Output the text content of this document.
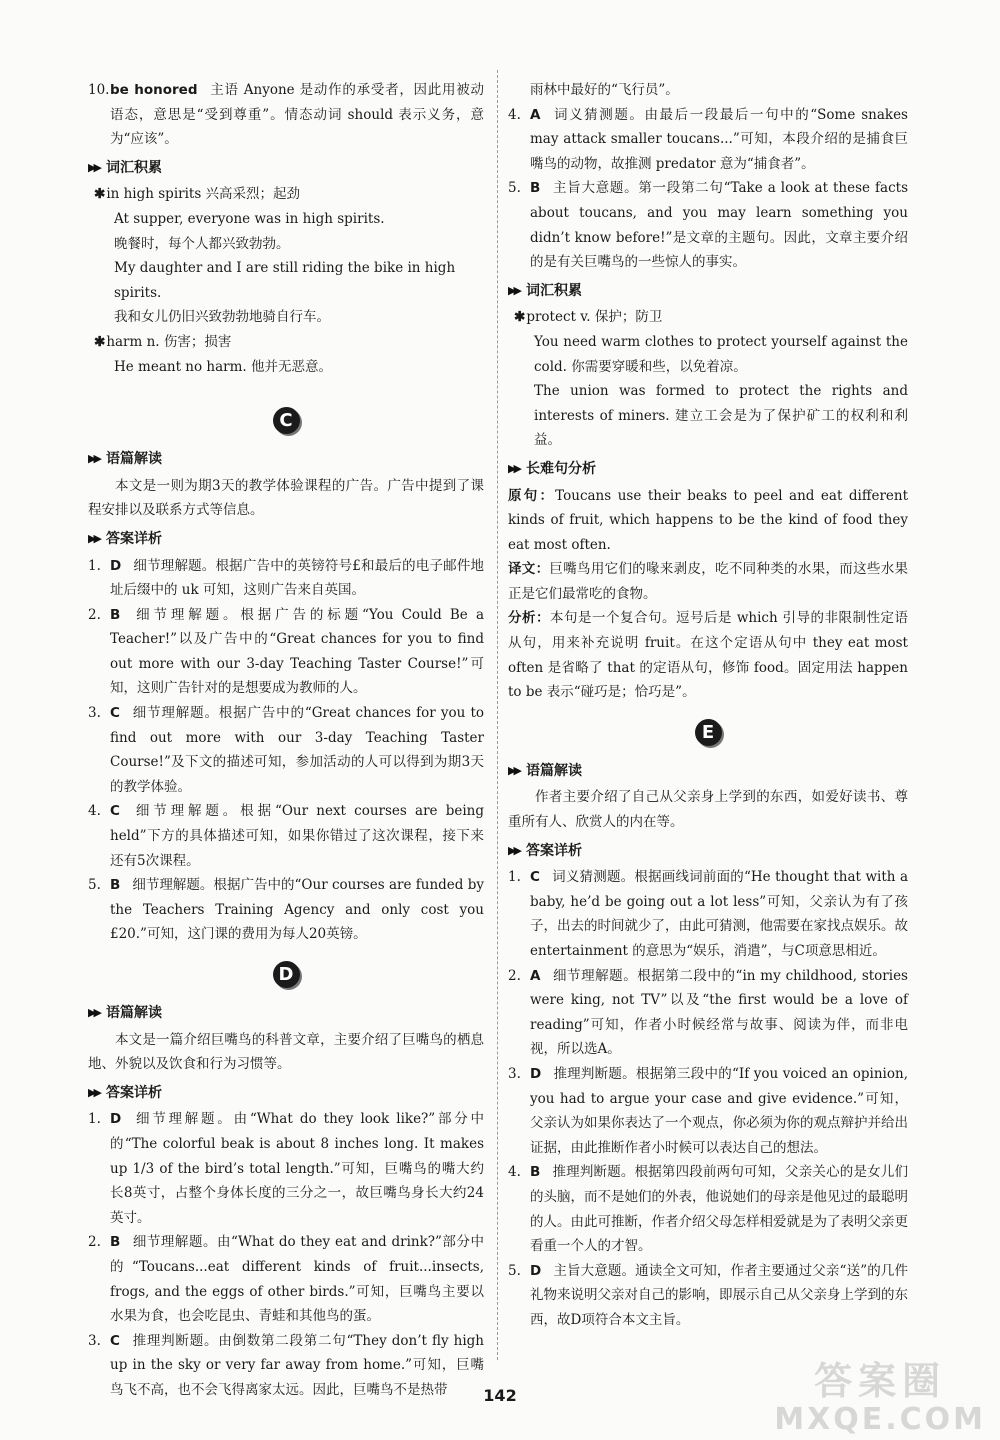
10. be honored 主语 Anyone 是动作的承受者，因此用被动语态，意思是“受到尊重”。情态动词 should 表示义务，意为“应该”。
▶▶ 词汇积累

✱in high spirits 兴高采烈；起劲

At supper, everyone was in high spirits.

晚餐时，每个人都兴致勃勃。

My daughter and I are still riding the bike in high spirits.

我和女儿仍旧兴致勃勃地骑自行车。

✱harm n. 伤害；损害

He meant no harm. 他并无恶意。

C
▶▶ 语篇解读

本文是一则为期3天的教学体验课程的广告。广告中提到了课程安排以及联系方式等信息。

▶▶ 答案详析
1. D 细节理解题。根据广告中的英镑符号£和最后的电子邮件地址后缀中的 uk 可知，这则广告来自英国。
2. B 细节理解题。根据广告的标题“You Could Be a Teacher!”以及广告中的“Great chances for you to find out more with our 3-day Teaching Taster Course!”可知，这则广告针对的是想要成为教师的人。
3. C 细节理解题。根据广告中的“Great chances for you to find out more with our 3-day Teaching Taster Course!”及下文的描述可知，参加活动的人可以得到为期3天的教学体验。
4. C 细节理解题。根据“Our next courses are being held”下方的具体描述可知，如果你错过了这次课程，接下来还有5次课程。
5. B 细节理解题。根据广告中的“Our courses are funded by the Teachers Training Agency and only cost you £20.”可知，这门课的费用为每人20英镑。
D
▶▶ 语篇解读

本文是一篇介绍巨嘴鸟的科普文章，主要介绍了巨嘴鸟的栖息地、外貌以及饮食和行为习惯等。

▶▶ 答案详析
1. D 细节理解题。由“What do they look like?”部分中的“The colorful beak is about 8 inches long. It makes up 1/3 of the bird’s total length.”可知，巨嘴鸟的嘴大约长8英寸，占整个身体长度的三分之一，故巨嘴鸟身长大约24英寸。
2. B 细节理解题。由“What do they eat and drink?”部分中的“Toucans...eat different kinds of fruit...insects, frogs, and the eggs of other birds.”可知，巨嘴鸟主要以水果为食，也会吃昆虫、青蛙和其他鸟的蛋。
3. C 推理判断题。由倒数第二段第二句“They don’t fly high up in the sky or very far away from home.”可知，巨嘴鸟飞不高，也不会飞得离家太远。因此，巨嘴鸟不是热带

雨林中最好的“飞行员”。

4. A 词义猜测题。由最后一段最后一句中的“Some snakes may attack smaller toucans...”可知，本段介绍的是捕食巨嘴鸟的动物，故推测 predator 意为“捕食者”。
5. B 主旨大意题。第一段第二句“Take a look at these facts about toucans, and you may learn something you didn’t know before!”是文章的主题句。因此，文章主要介绍的是有关巨嘴鸟的一些惊人的事实。
▶▶ 词汇积累

✱protect v. 保护；防卫

You need warm clothes to protect yourself against the cold. 你需要穿暖和些，以免着凉。

The union was formed to protect the rights and interests of miners. 建立工会是为了保护矿工的权利和利益。

▶▶ 长难句分析

原句：Toucans use their beaks to peel and eat different kinds of fruit, which happens to be the kind of food they eat most often.

译文：巨嘴鸟用它们的喙来剥皮，吃不同种类的水果，而这些水果正是它们最常吃的食物。

分析：本句是一个复合句。逗号后是 which 引导的非限制性定语从句，用来补充说明 fruit。在这个定语从句中 they eat most often 是省略了 that 的定语从句，修饰 food。固定用法 happen to be 表示“碰巧是；恰巧是”。

E
▶▶ 语篇解读

作者主要介绍了自己从父亲身上学到的东西，如爱好读书、尊重所有人、欣赏人的内在等。

▶▶ 答案详析
1. C 词义猜测题。根据画线词前面的“He thought that with a baby, he’d be going out a lot less”可知，父亲认为有了孩子，出去的时间就少了，由此可猜测，他需要在家找点娱乐。故 entertainment 的意思为“娱乐，消遣”，与C项意思相近。
2. A 细节理解题。根据第二段中的“in my childhood, stories were king, not TV”以及“the first would be a love of reading”可知，作者小时候经常与故事、阅读为伴，而非电视，所以选A。
3. D 推理判断题。根据第三段中的“If you voiced an opinion, you had to argue your case and give evidence.”可知，父亲认为如果你表达了一个观点，你必须为你的观点辩护并给出证据，由此推断作者小时候可以表达自己的想法。
4. B 推理判断题。根据第四段前两句可知，父亲关心的是女儿们的头脑，而不是她们的外表，他说她们的母亲是他见过的最聪明的人。由此可推断，作者介绍父母怎样相爱就是为了表明父亲更看重一个人的才智。
5. D 主旨大意题。通读全文可知，作者主要通过父亲“送”的几件礼物来说明父亲对自己的影响，即展示自己从父亲身上学到的东西，故D项符合本文主旨。
142	答案圈
MXQE.COM
